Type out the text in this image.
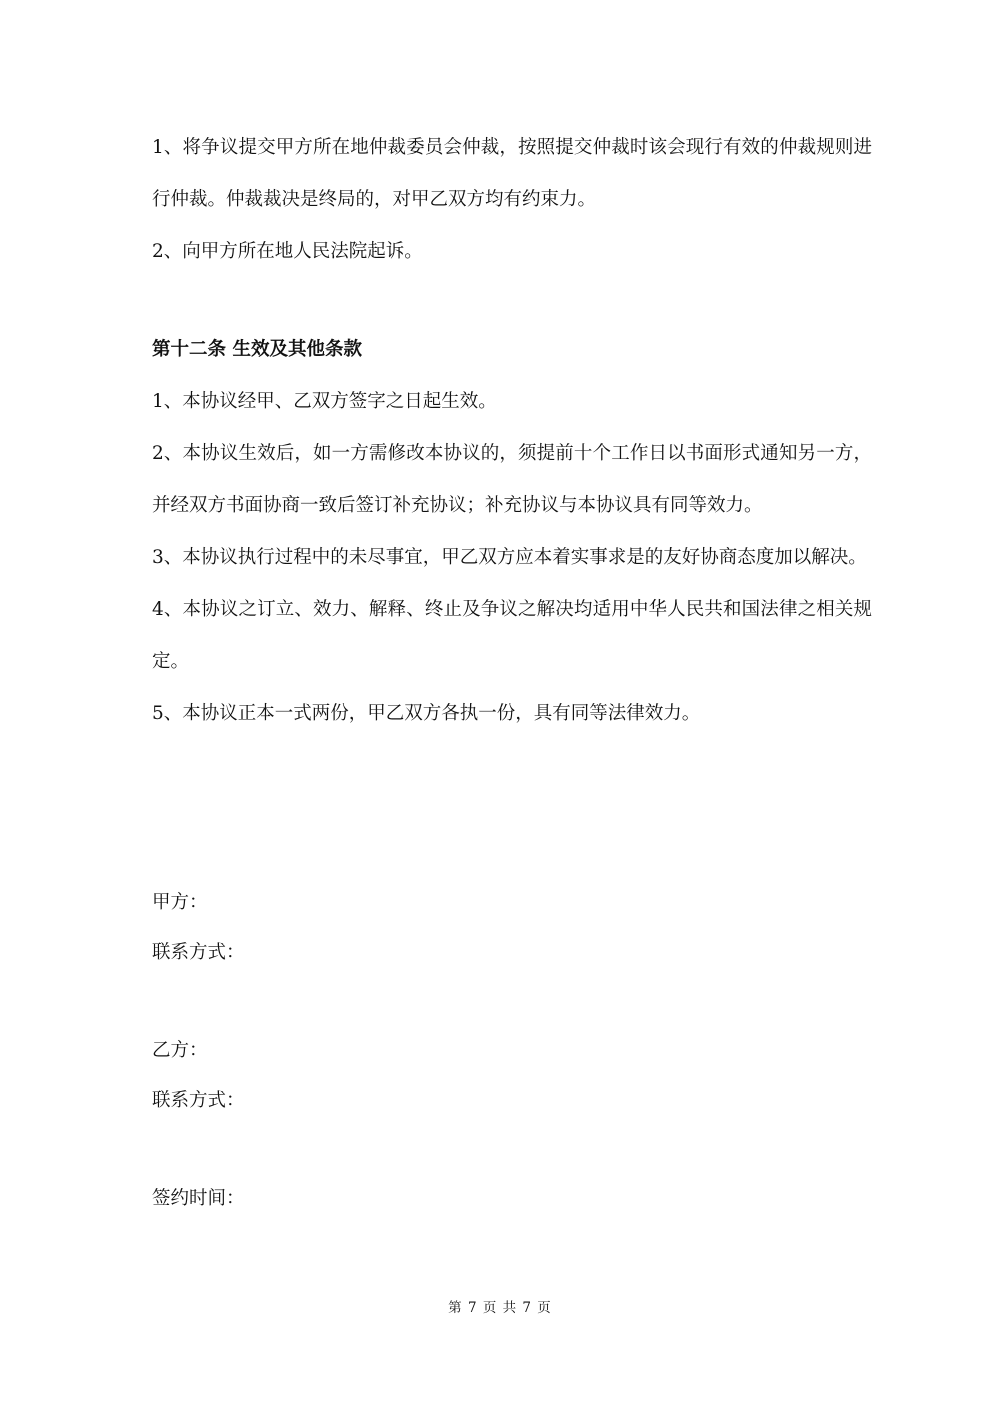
1、将争议提交甲方所在地仲裁委员会仲裁，按照提交仲裁时该会现行有效的仲裁规则进行仲裁。仲裁裁决是终局的，对甲乙双方均有约束力。

2、向甲方所在地人民法院起诉。

第十二条 生效及其他条款

1、本协议经甲、乙双方签字之日起生效。

2、本协议生效后，如一方需修改本协议的，须提前十个工作日以书面形式通知另一方，并经双方书面协商一致后签订补充协议；补充协议与本协议具有同等效力。

3、本协议执行过程中的未尽事宜，甲乙双方应本着实事求是的友好协商态度加以解决。

4、本协议之订立、效力、解释、终止及争议之解决均适用中华人民共和国法律之相关规定。

5、本协议正本一式两份，甲乙双方各执一份，具有同等法律效力。

甲方：

联系方式：

乙方：

联系方式：

签约时间：

第 7 页 共 7 页
